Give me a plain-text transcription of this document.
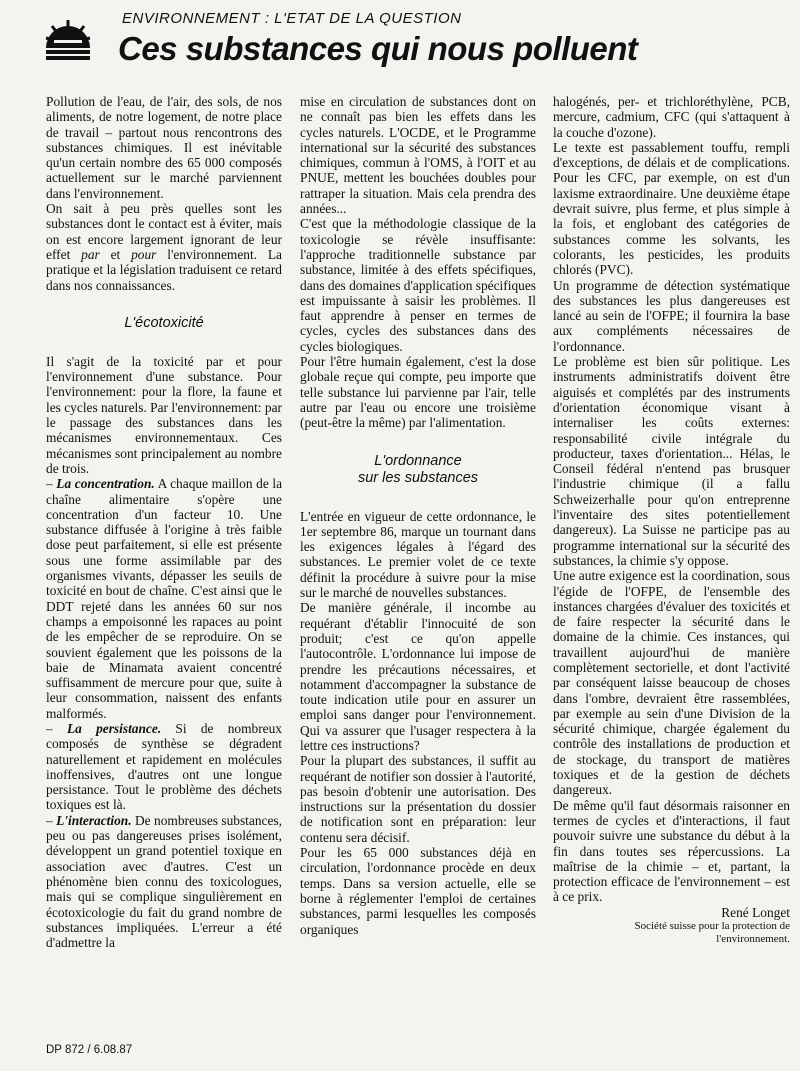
ENVIRONNEMENT : L'ETAT DE LA QUESTION
Ces substances qui nous polluent

Pollution de l'eau, de l'air, des sols, de nos aliments, de notre logement, de notre place de travail – partout nous rencontrons des substances chimiques. Il est inévitable qu'un certain nombre des 65 000 composés actuellement sur le marché parviennent dans l'environnement.

On sait à peu près quelles sont les substances dont le contact est à éviter, mais on est encore largement ignorant de leur effet par et pour l'environnement. La pratique et la législation traduisent ce retard dans nos connaissances.

L'écotoxicité

Il s'agit de la toxicité par et pour l'environnement d'une substance. Pour l'environnement: pour la flore, la faune et les cycles naturels. Par l'environnement: par le passage des substances dans les mécanismes environnementaux. Ces mécanismes sont principalement au nombre de trois.

– La concentration. A chaque maillon de la chaîne alimentaire s'opère une concentration d'un facteur 10. Une substance diffusée à l'origine à très faible dose peut parfaitement, si elle est présente sous une forme assimilable par des organismes vivants, dépasser les seuils de toxicité en bout de chaîne. C'est ainsi que le DDT rejeté dans les années 60 sur nos champs a empoisonné les rapaces au point de les empêcher de se reproduire. On se souvient également que les poissons de la baie de Minamata avaient concentré suffisamment de mercure pour que, suite à leur consommation, naissent des enfants malformés.

– La persistance. Si de nombreux composés de synthèse se dégradent naturellement et rapidement en molécules inoffensives, d'autres ont une longue persistance. Tout le problème des déchets toxiques est là.

– L'interaction. De nombreuses substances, peu ou pas dangereuses prises isolément, développent un grand potentiel toxique en association avec d'autres. C'est un phénomène bien connu des toxicologues, mais qui se complique singulièrement en écotoxicologie du fait du grand nombre de substances impliquées. L'erreur a été d'admettre la

mise en circulation de substances dont on ne connaît pas bien les effets dans les cycles naturels. L'OCDE, et le Programme international sur la sécurité des substances chimiques, commun à l'OMS, à l'OIT et au PNUE, mettent les bouchées doubles pour rattraper la situation. Mais cela prendra des années...

C'est que la méthodologie classique de la toxicologie se révèle insuffisante: l'approche traditionnelle substance par substance, limitée à des effets spécifiques, dans des domaines d'application spécifiques est impuissante à saisir les problèmes. Il faut apprendre à penser en termes de cycles, cycles des substances dans des cycles biologiques.

Pour l'être humain également, c'est la dose globale reçue qui compte, peu importe que telle substance lui parvienne par l'air, telle autre par l'eau ou encore une troisième (peut-être la même) par l'alimentation.

L'ordonnance
sur les substances

L'entrée en vigueur de cette ordonnance, le 1er septembre 86, marque un tournant dans les exigences légales à l'égard des substances. Le premier volet de ce texte définit la procédure à suivre pour la mise sur le marché de nouvelles substances.

De manière générale, il incombe au requérant d'établir l'innocuité de son produit; c'est ce qu'on appelle l'autocontrôle. L'ordonnance lui impose de prendre les précautions nécessaires, et notamment d'accompagner la substance de toute indication utile pour en assurer un emploi sans danger pour l'environnement. Qui va assurer que l'usager respectera à la lettre ces instructions?

Pour la plupart des substances, il suffit au requérant de notifier son dossier à l'autorité, pas besoin d'obtenir une autorisation. Des instructions sur la présentation du dossier de notification sont en préparation: leur contenu sera décisif.

Pour les 65 000 substances déjà en circulation, l'ordonnance procède en deux temps. Dans sa version actuelle, elle se borne à réglementer l'emploi de certaines substances, parmi lesquelles les composés organiques

halogénés, per- et trichloréthylène, PCB, mercure, cadmium, CFC (qui s'attaquent à la couche d'ozone).

Le texte est passablement touffu, rempli d'exceptions, de délais et de complications. Pour les CFC, par exemple, on est d'un laxisme extraordinaire. Une deuxième étape devrait suivre, plus ferme, et plus simple à la fois, et englobant des catégories de substances comme les solvants, les colorants, les pesticides, les produits chlorés (PVC).

Un programme de détection systématique des substances les plus dangereuses est lancé au sein de l'OFPE; il fournira la base aux compléments nécessaires de l'ordonnance.

Le problème est bien sûr politique. Les instruments administratifs doivent être aiguisés et complétés par des instruments d'orientation économique visant à internaliser les coûts externes: responsabilité civile intégrale du producteur, taxes d'orientation... Hélas, le Conseil fédéral n'entend pas brusquer l'industrie chimique (il a fallu Schweizerhalle pour qu'on entreprenne l'inventaire des sites potentiellement dangereux). La Suisse ne participe pas au programme international sur la sécurité des substances, la chimie s'y oppose.

Une autre exigence est la coordination, sous l'égide de l'OFPE, de l'ensemble des instances chargées d'évaluer des toxicités et de faire respecter la sécurité dans le domaine de la chimie. Ces instances, qui travaillent aujourd'hui de manière complètement sectorielle, et dont l'activité par conséquent laisse beaucoup de choses dans l'ombre, devraient être rassemblées, par exemple au sein d'une Division de la sécurité chimique, chargée également du contrôle des installations de production et de stockage, du transport de matières toxiques et de la gestion de déchets dangereux.

De même qu'il faut désormais raisonner en termes de cycles et d'interactions, il faut pouvoir suivre une substance du début à la fin dans toutes ses répercussions. La maîtrise de la chimie – et, partant, la protection efficace de l'environnement – est à ce prix.

René Longet

Société suisse pour la protection de
l'environnement.

DP 872 / 6.08.87
